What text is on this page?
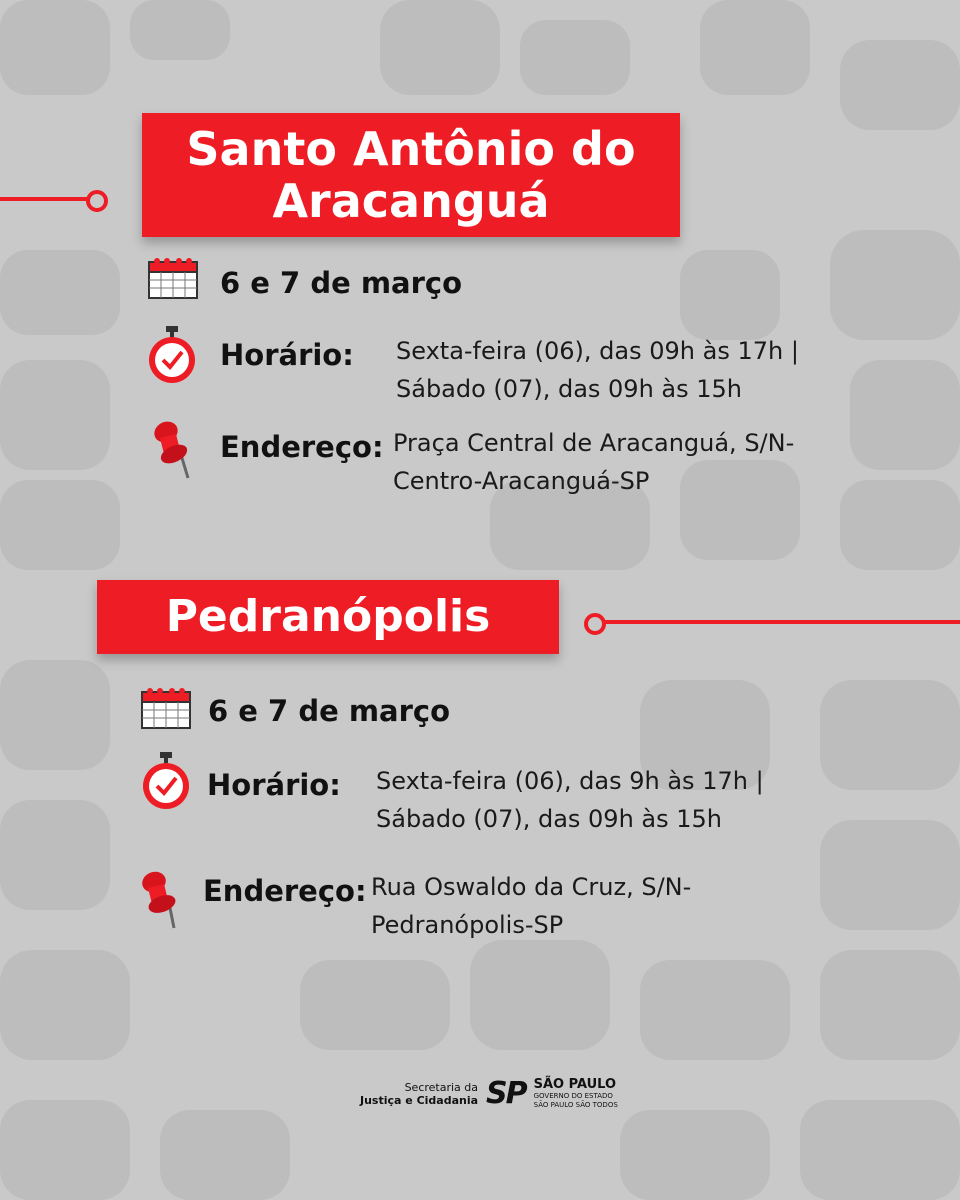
Santo Antônio do
Aracanguá
6 e 7 de março
Horário: Sexta-feira (06), das 09h às 17h |
Sábado (07), das 09h às 15h
Endereço: Praça Central de Aracanguá, S/N-
Centro-Aracanguá-SP
Pedranópolis
6 e 7 de março
Horário: Sexta-feira (06), das 9h às 17h |
Sábado (07), das 09h às 15h
Endereço: Rua Oswaldo da Cruz, S/N-
Pedranópolis-SP
Secretaria da
Justiça e Cidadania SP SÃO PAULO
GOVERNO DO ESTADO
SÃO PAULO SÃO TODOS
